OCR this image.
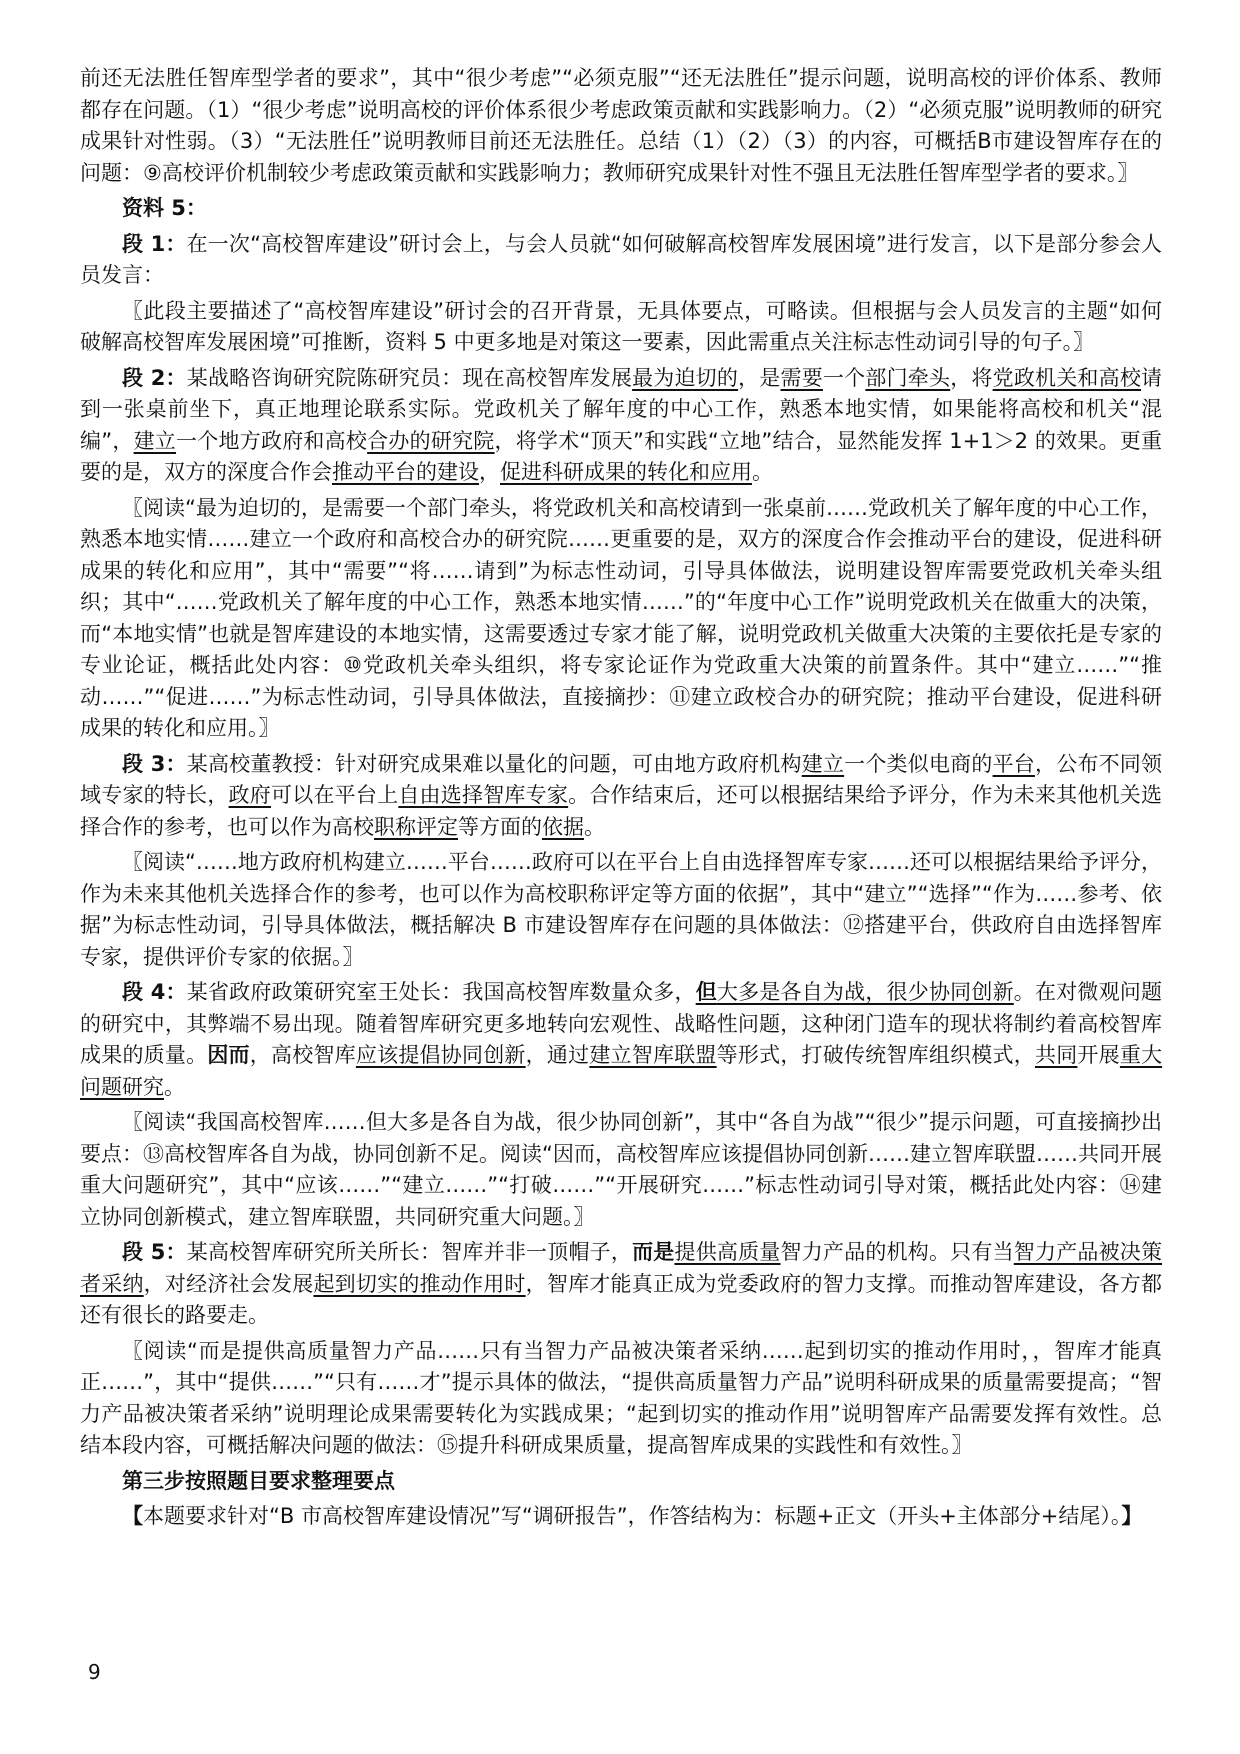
前还无法胜任智库型学者的要求”，其中“很少考虑”“必须克服”“还无法胜任”提示问题，说明高校的评价体系、教师都存在问题。（1）“很少考虑”说明高校的评价体系很少考虑政策贡献和实践影响力。（2）“必须克服”说明教师的研究成果针对性弱。（3）“无法胜任”说明教师目前还无法胜任。总结（1）（2）（3）的内容，可概括B市建设智库存在的问题：⑨高校评价机制较少考虑政策贡献和实践影响力；教师研究成果针对性不强且无法胜任智库型学者的要求。〗

资料 5：

段 1：在一次“高校智库建设”研讨会上，与会人员就“如何破解高校智库发展困境”进行发言，以下是部分参会人员发言：

〖此段主要描述了“高校智库建设”研讨会的召开背景，无具体要点，可略读。但根据与会人员发言的主题“如何破解高校智库发展困境”可推断，资料 5 中更多地是对策这一要素，因此需重点关注标志性动词引导的句子。〗

段 2：某战略咨询研究院陈研究员：现在高校智库发展最为迫切的，是需要一个部门牵头，将党政机关和高校请到一张桌前坐下，真正地理论联系实际。党政机关了解年度的中心工作，熟悉本地实情，如果能将高校和机关“混编”，建立一个地方政府和高校合办的研究院，将学术“顶天”和实践“立地”结合，显然能发挥 1+1＞2 的效果。更重要的是，双方的深度合作会推动平台的建设，促进科研成果的转化和应用。

〖阅读“最为迫切的，是需要一个部门牵头，将党政机关和高校请到一张桌前……党政机关了解年度的中心工作，熟悉本地实情……建立一个政府和高校合办的研究院……更重要的是，双方的深度合作会推动平台的建设，促进科研成果的转化和应用”，其中“需要”“将……请到”为标志性动词，引导具体做法，说明建设智库需要党政机关牵头组织；其中“……党政机关了解年度的中心工作，熟悉本地实情……”的“年度中心工作”说明党政机关在做重大的决策，而“本地实情”也就是智库建设的本地实情，这需要透过专家才能了解，说明党政机关做重大决策的主要依托是专家的专业论证，概括此处内容：⑩党政机关牵头组织，将专家论证作为党政重大决策的前置条件。其中“建立……”“推动……”“促进……”为标志性动词，引导具体做法，直接摘抄：⑪建立政校合办的研究院；推动平台建设，促进科研成果的转化和应用。〗

段 3：某高校董教授：针对研究成果难以量化的问题，可由地方政府机构建立一个类似电商的平台，公布不同领域专家的特长，政府可以在平台上自由选择智库专家。合作结束后，还可以根据结果给予评分，作为未来其他机关选择合作的参考，也可以作为高校职称评定等方面的依据。

〖阅读“……地方政府机构建立……平台……政府可以在平台上自由选择智库专家……还可以根据结果给予评分，作为未来其他机关选择合作的参考，也可以作为高校职称评定等方面的依据”，其中“建立”“选择”“作为……参考、依据”为标志性动词，引导具体做法，概括解决 B 市建设智库存在问题的具体做法：⑫搭建平台，供政府自由选择智库专家，提供评价专家的依据。〗

段 4：某省政府政策研究室王处长：我国高校智库数量众多，但大多是各自为战，很少协同创新。在对微观问题的研究中，其弊端不易出现。随着智库研究更多地转向宏观性、战略性问题，这种闭门造车的现状将制约着高校智库成果的质量。因而，高校智库应该提倡协同创新，通过建立智库联盟等形式，打破传统智库组织模式，共同开展重大问题研究。

〖阅读“我国高校智库……但大多是各自为战，很少协同创新”，其中“各自为战”“很少”提示问题，可直接摘抄出要点：⑬高校智库各自为战，协同创新不足。阅读“因而，高校智库应该提倡协同创新……建立智库联盟……共同开展重大问题研究”，其中“应该……”“建立……”“打破……”“开展研究……”标志性动词引导对策，概括此处内容：⑭建立协同创新模式，建立智库联盟，共同研究重大问题。〗

段 5：某高校智库研究所关所长：智库并非一顶帽子，而是提供高质量智力产品的机构。只有当智力产品被决策者采纳，对经济社会发展起到切实的推动作用时，智库才能真正成为党委政府的智力支撑。而推动智库建设，各方都还有很长的路要走。

〖阅读“而是提供高质量智力产品……只有当智力产品被决策者采纳……起到切实的推动作用时，，智库才能真正……”，其中“提供……”“只有……才”提示具体的做法，“提供高质量智力产品”说明科研成果的质量需要提高；“智力产品被决策者采纳”说明理论成果需要转化为实践成果；“起到切实的推动作用”说明智库产品需要发挥有效性。总结本段内容，可概括解决问题的做法：⑮提升科研成果质量，提高智库成果的实践性和有效性。〗

第三步按照题目要求整理要点

【本题要求针对“B 市高校智库建设情况”写“调研报告”，作答结构为：标题+正文（开头+主体部分+结尾）。】

9
